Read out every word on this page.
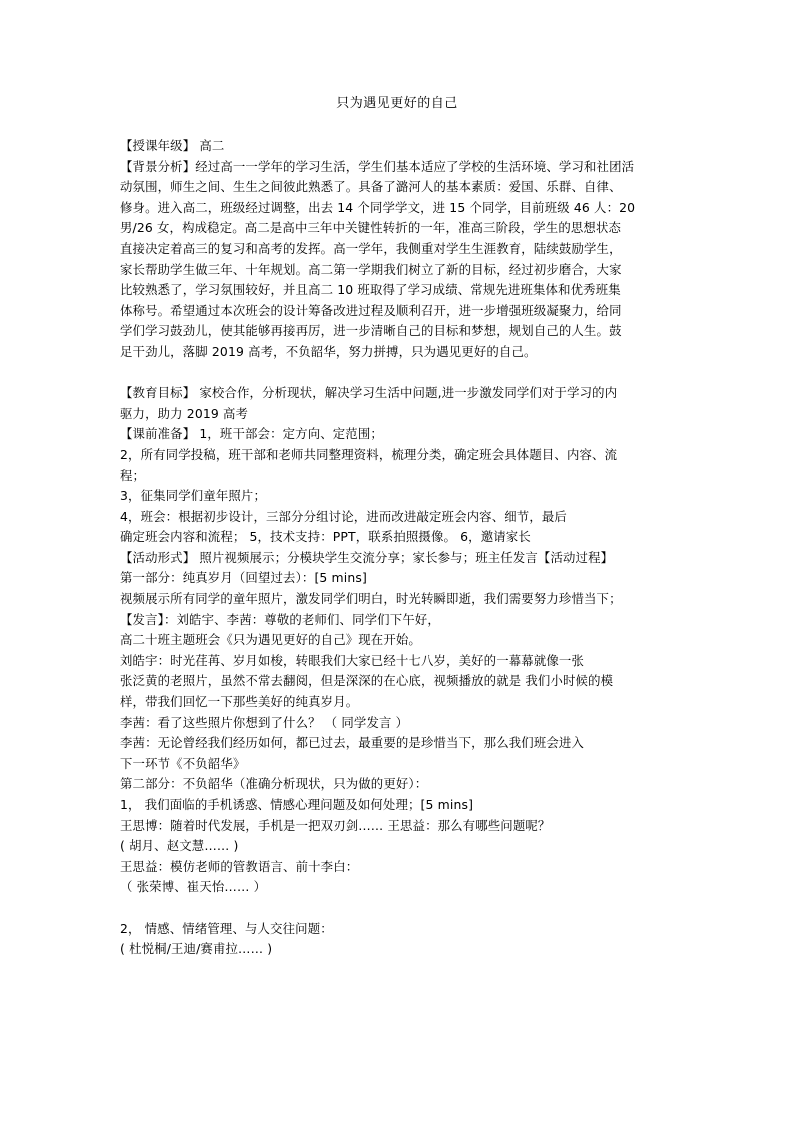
只为遇见更好的自己
【授课年级】 高二
【背景分析】经过高一一学年的学习生活，学生们基本适应了学校的生活环境、学习和社团活
动氛围，师生之间、生生之间彼此熟悉了。具备了潞河人的基本素质：爱国、乐群、自律、
修身。进入高二，班级经过调整，出去 14 个同学学文，进 15 个同学，目前班级 46 人：20
男/26 女，构成稳定。高二是高中三年中关键性转折的一年，准高三阶段，学生的思想状态
直接决定着高三的复习和高考的发挥。高一学年，我侧重对学生生涯教育，陆续鼓励学生，
家长帮助学生做三年、十年规划。高二第一学期我们树立了新的目标，经过初步磨合，大家
比较熟悉了，学习氛围较好，并且高二 10 班取得了学习成绩、常规先进班集体和优秀班集
体称号。希望通过本次班会的设计筹备改进过程及顺利召开，进一步增强班级凝聚力，给同
学们学习鼓劲儿，使其能够再接再厉，进一步清晰自己的目标和梦想，规划自己的人生。鼓
足干劲儿，落脚 2019 高考，不负韶华，努力拼搏，只为遇见更好的自己。
【教育目标】 家校合作，分析现状，解决学习生活中问题,进一步激发同学们对于学习的内
驱力，助力 2019 高考
【课前准备】 1，班干部会：定方向、定范围；
2，所有同学投稿，班干部和老师共同整理资料，梳理分类，确定班会具体题目、内容、流
程；
3，征集同学们童年照片；
4，班会：根据初步设计，三部分分组讨论，进而改进敲定班会内容、细节，最后
确定班会内容和流程； 5，技术支持：PPT，联系拍照摄像。 6，邀请家长
【活动形式】 照片视频展示；分模块学生交流分享；家长参与；班主任发言【活动过程】
第一部分：纯真岁月（回望过去）：[5 mins]
视频展示所有同学的童年照片，激发同学们明白，时光转瞬即逝，我们需要努力珍惜当下；
【发言】：刘皓宇、李茜：尊敬的老师们、同学们下午好，
高二十班主题班会《只为遇见更好的自己》现在开始。
刘皓宇：时光荏苒、岁月如梭，转眼我们大家已经十七八岁，美好的一幕幕就像一张
张泛黄的老照片，虽然不常去翻阅，但是深深的在心底，视频播放的就是 我们小时候的模
样，带我们回忆一下那些美好的纯真岁月。
李茜：看了这些照片你想到了什么？ （ 同学发言 ）
李茜：无论曾经我们经历如何，都已过去，最重要的是珍惜当下，那么我们班会进入
下一环节《不负韶华》
第二部分：不负韶华（准确分析现状，只为做的更好）：
1， 我们面临的手机诱惑、情感心理问题及如何处理；[5 mins]
王思博：随着时代发展，手机是一把双刃剑…… 王思益：那么有哪些问题呢？
( 胡月、赵文慧…… )
王思益：模仿老师的管教语言、前十李白：
（ 张荣博、崔天怡…… ）
2， 情感、情绪管理、与人交往问题：
( 杜悦桐/王迪/赛甫拉…… )
